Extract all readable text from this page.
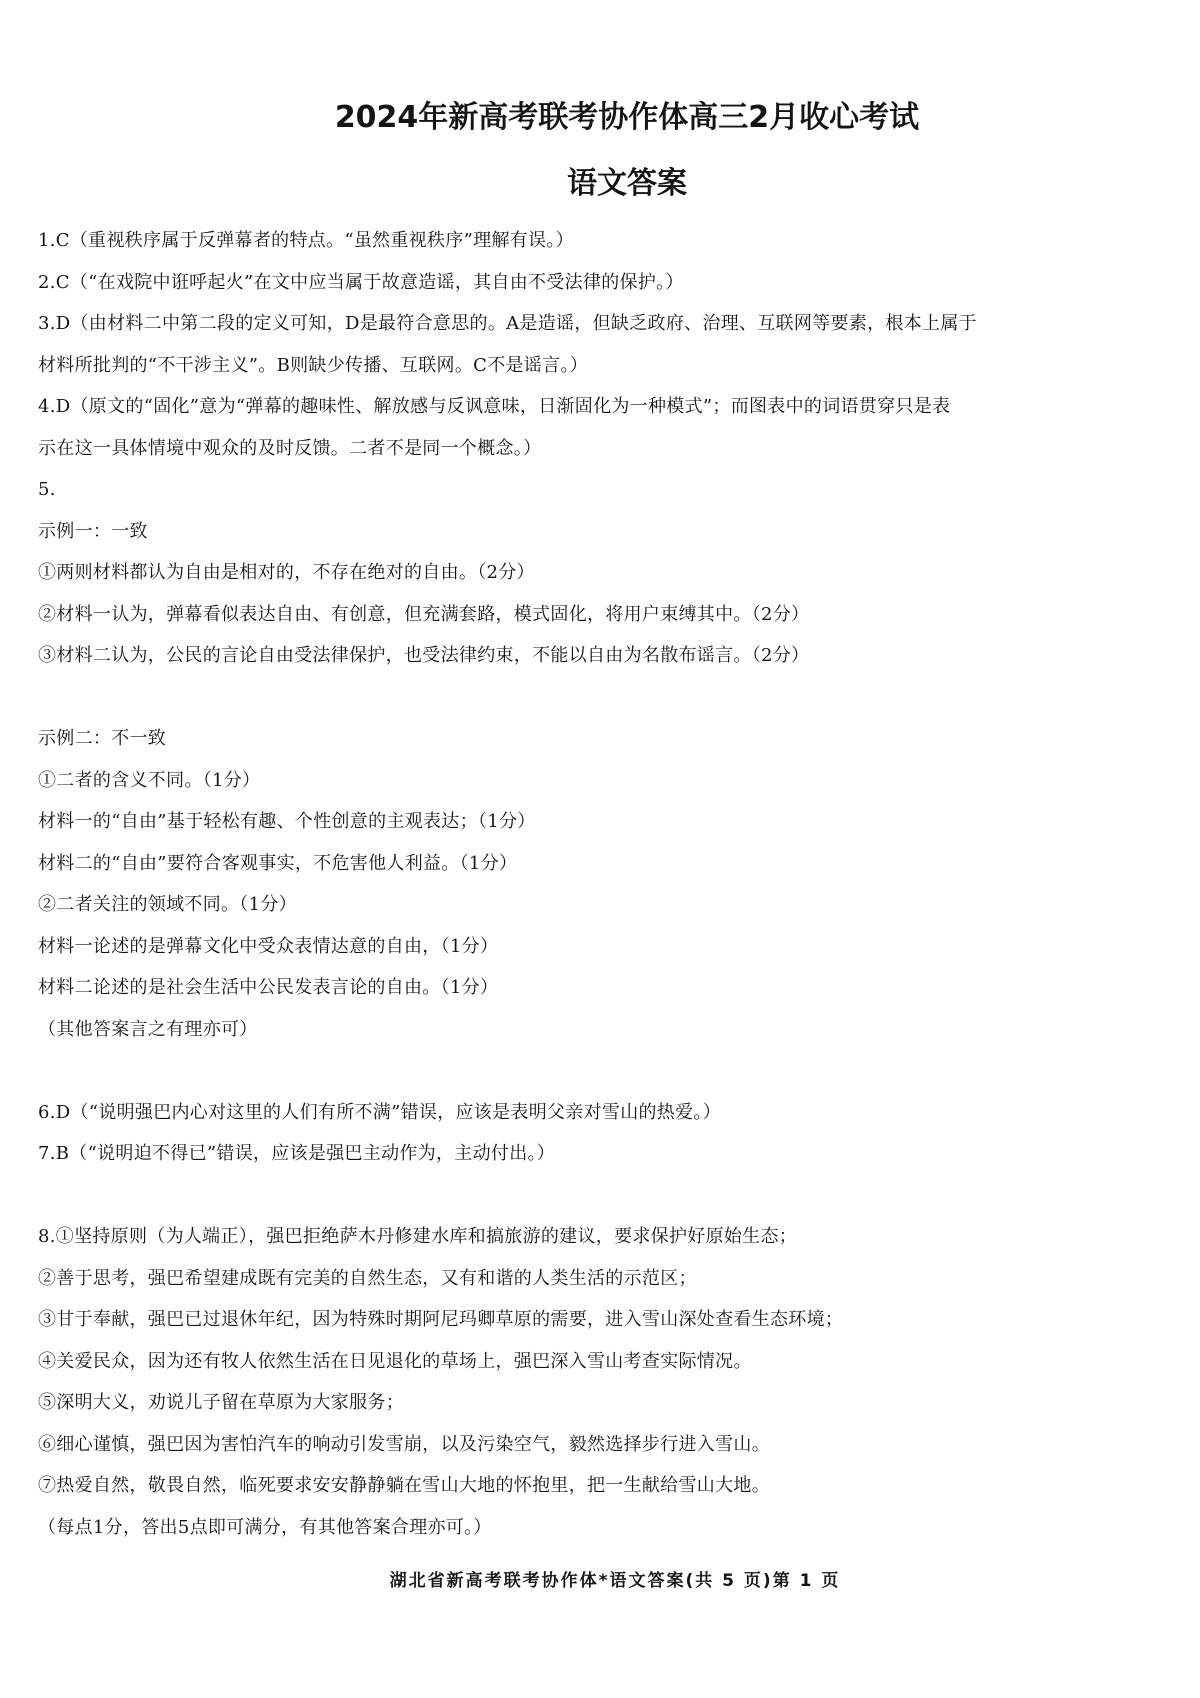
2024年新高考联考协作体高三2月收心考试
语文答案
1.C（重视秩序属于反弹幕者的特点。“虽然重视秩序”理解有误。）
2.C（“在戏院中诳呼起火”在文中应当属于故意造谣，其自由不受法律的保护。）
3.D（由材料二中第二段的定义可知，D是最符合意思的。A是造谣，但缺乏政府、治理、互联网等要素，根本上属于
材料所批判的“不干涉主义”。B则缺少传播、互联网。C不是谣言。）
4.D（原文的“固化”意为“弹幕的趣味性、解放感与反讽意味，日渐固化为一种模式”；而图表中的词语贯穿只是表
示在这一具体情境中观众的及时反馈。二者不是同一个概念。）
5.
示例一：一致
①两则材料都认为自由是相对的，不存在绝对的自由。（2分）
②材料一认为，弹幕看似表达自由、有创意，但充满套路，模式固化，将用户束缚其中。（2分）
③材料二认为，公民的言论自由受法律保护，也受法律约束，不能以自由为名散布谣言。（2分）
示例二：不一致
①二者的含义不同。（1分）
材料一的“自由”基于轻松有趣、个性创意的主观表达；（1分）
材料二的“自由”要符合客观事实，不危害他人利益。（1分）
②二者关注的领域不同。（1分）
材料一论述的是弹幕文化中受众表情达意的自由，（1分）
材料二论述的是社会生活中公民发表言论的自由。（1分）
（其他答案言之有理亦可）
6.D（“说明强巴内心对这里的人们有所不满”错误，应该是表明父亲对雪山的热爱。）
7.B（“说明迫不得已”错误，应该是强巴主动作为，主动付出。）
8.①坚持原则（为人端正），强巴拒绝萨木丹修建水库和搞旅游的建议，要求保护好原始生态；
②善于思考，强巴希望建成既有完美的自然生态，又有和谐的人类生活的示范区；
③甘于奉献，强巴已过退休年纪，因为特殊时期阿尼玛卿草原的需要，进入雪山深处查看生态环境；
④关爱民众，因为还有牧人依然生活在日见退化的草场上，强巴深入雪山考查实际情况。
⑤深明大义，劝说儿子留在草原为大家服务；
⑥细心谨慎，强巴因为害怕汽车的响动引发雪崩，以及污染空气，毅然选择步行进入雪山。
⑦热爱自然，敬畏自然，临死要求安安静静躺在雪山大地的怀抱里，把一生献给雪山大地。
（每点1分，答出5点即可满分，有其他答案合理亦可。）
湖北省新高考联考协作体*语文答案(共 5 页)第 1 页
